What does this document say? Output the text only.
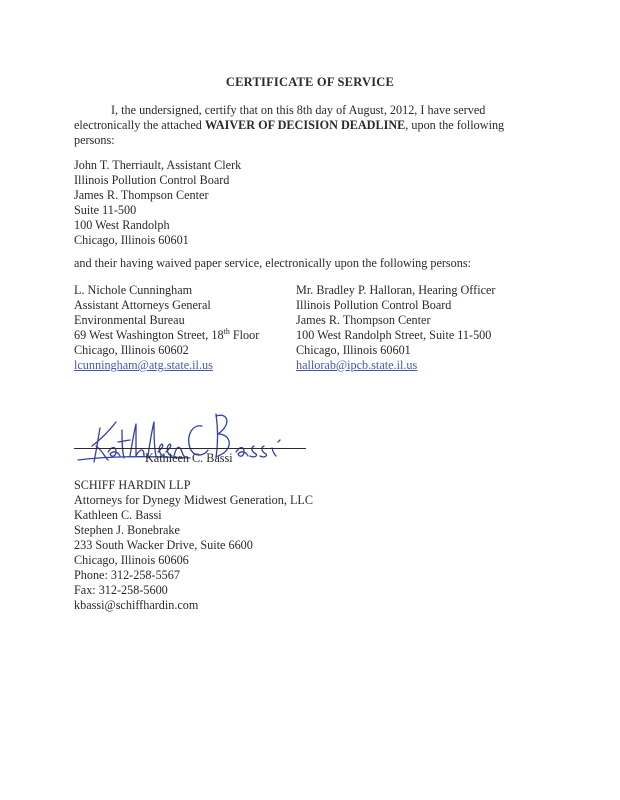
CERTIFICATE OF SERVICE
I, the undersigned, certify that on this 8th day of August, 2012, I have served electronically the attached WAIVER OF DECISION DEADLINE, upon the following persons:
John T. Therriault, Assistant Clerk
Illinois Pollution Control Board
James R. Thompson Center
Suite 11-500
100 West Randolph
Chicago, Illinois 60601
and their having waived paper service, electronically upon the following persons:
L. Nichole Cunningham
Assistant Attorneys General
Environmental Bureau
69 West Washington Street, 18th Floor
Chicago, Illinois 60602
lcunningham@atg.state.il.us
Mr. Bradley P. Halloran, Hearing Officer
Illinois Pollution Control Board
James R. Thompson Center
100 West Randolph Street, Suite 11-500
Chicago, Illinois 60601
hallorab@ipcb.state.il.us
Kathleen C. Bassi
SCHIFF HARDIN LLP
Attorneys for Dynegy Midwest Generation, LLC
Kathleen C. Bassi
Stephen J. Bonebrake
233 South Wacker Drive, Suite 6600
Chicago, Illinois 60606
Phone: 312-258-5567
Fax: 312-258-5600
kbassi@schiffhardin.com
